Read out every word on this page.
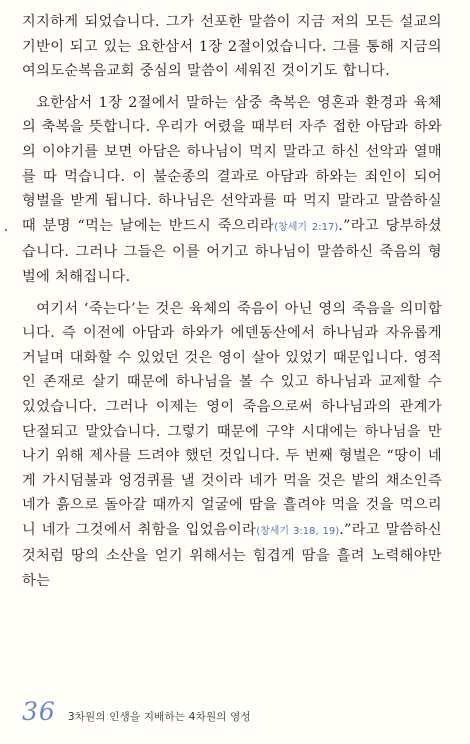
지지하게 되었습니다. 그가 선포한 말씀이 지금 저의 모든 설교의 기반이 되고 있는 요한삼서 1장 2절이었습니다. 그를 통해 지금의 여의도순복음교회 중심의 말씀이 세워진 것이기도 합니다.

요한삼서 1장 2절에서 말하는 삼중 축복은 영혼과 환경과 육체의 축복을 뜻합니다. 우리가 어렸을 때부터 자주 접한 아담과 하와의 이야기를 보면 아담은 하나님이 먹지 말라고 하신 선악과 열매를 따 먹습니다. 이 불순종의 결과로 아담과 하와는 죄인이 되어 형벌을 받게 됩니다. 하나님은 선악과를 따 먹지 말라고 말씀하실 때 분명 “먹는 날에는 반드시 죽으리라(창세기 2:17).”라고 당부하셨습니다. 그러나 그들은 이를 어기고 하나님이 말씀하신 죽음의 형벌에 처해집니다.

여기서 ‘죽는다’는 것은 육체의 죽음이 아닌 영의 죽음을 의미합니다. 즉 이전에 아담과 하와가 에덴동산에서 하나님과 자유롭게 거닐며 대화할 수 있었던 것은 영이 살아 있었기 때문입니다. 영적인 존재로 살기 때문에 하나님을 볼 수 있고 하나님과 교제할 수 있었습니다. 그러나 이제는 영이 죽음으로써 하나님과의 관계가 단절되고 말았습니다. 그렇기 때문에 구약 시대에는 하나님을 만나기 위해 제사를 드려야 했던 것입니다. 두 번째 형벌은 “땅이 네게 가시덤불과 엉겅퀴를 낼 것이라 네가 먹을 것은 밭의 채소인즉 네가 흙으로 돌아갈 때까지 얼굴에 땀을 흘려야 먹을 것을 먹으리니 네가 그것에서 취함을 입었음이라(창세기 3:18, 19).”라고 말씀하신 것처럼 땅의 소산을 얻기 위해서는 힘겹게 땀을 흘려 노력해야만 하는

36 3차원의 인생을 지배하는 4차원의 영성
